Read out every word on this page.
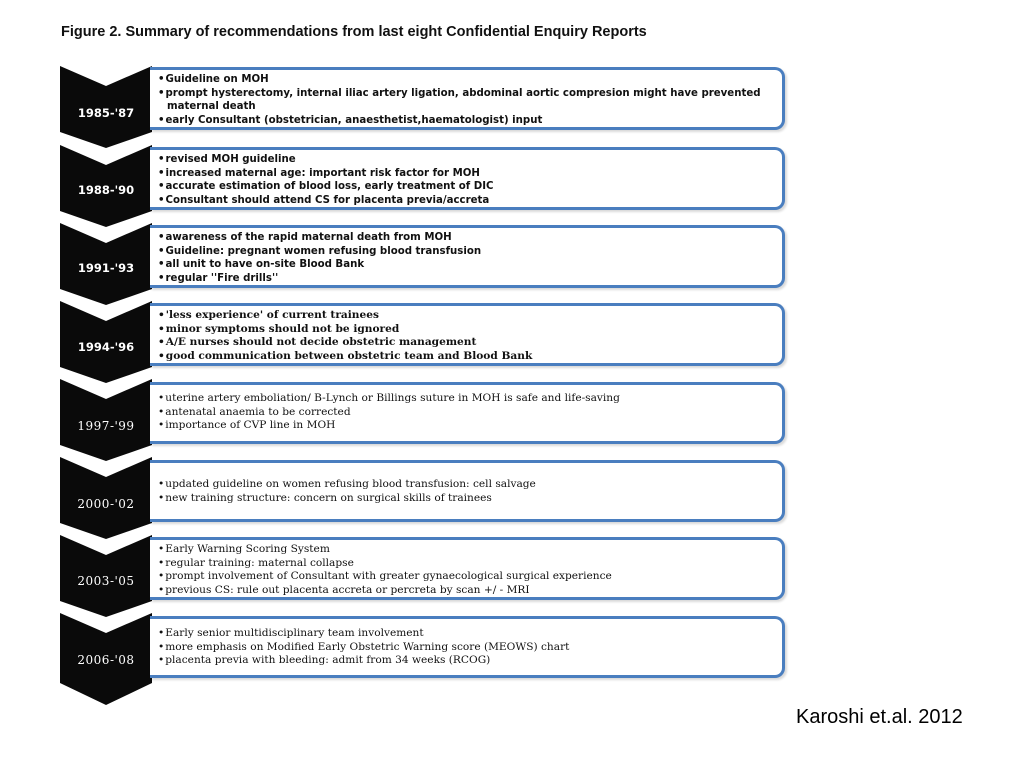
Figure 2. Summary of recommendations from last eight Confidential Enquiry Reports
1985-'87
• Guideline on MOH
• prompt hysterectomy, internal iliac artery ligation, abdominal aortic compresion might have prevented maternal death
• early Consultant (obstetrician, anaesthetist,haematologist) input
1988-'90
• revised MOH guideline
• increased maternal age: important risk factor for MOH
• accurate estimation of blood loss, early treatment of DIC
• Consultant should attend CS for placenta previa/accreta
1991-'93
• awareness of the rapid maternal death from MOH
• Guideline: pregnant women refusing blood transfusion
• all unit to have on-site Blood Bank
• regular ''Fire drills''
1994-'96
• 'less experience' of current trainees
• minor symptoms should not be ignored
• A/E nurses should not decide obstetric management
• good communication between obstetric team and Blood Bank
1997-'99
• uterine artery emboliation/ B-Lynch or Billings suture in MOH is safe and life-saving
• antenatal anaemia to be corrected
• importance of CVP line in MOH
2000-'02
• updated guideline on women refusing blood transfusion: cell salvage
• new training structure: concern on surgical skills of trainees
2003-'05
• Early Warning Scoring System
• regular training: maternal collapse
• prompt involvement of Consultant with greater gynaecological surgical experience
• previous CS: rule out placenta accreta or percreta by scan +/ - MRI
2006-'08
• Early senior multidisciplinary team involvement
• more emphasis on Modified Early Obstetric Warning score (MEOWS) chart
• placenta previa with bleeding: admit from 34 weeks (RCOG)
Karoshi et.al. 2012
